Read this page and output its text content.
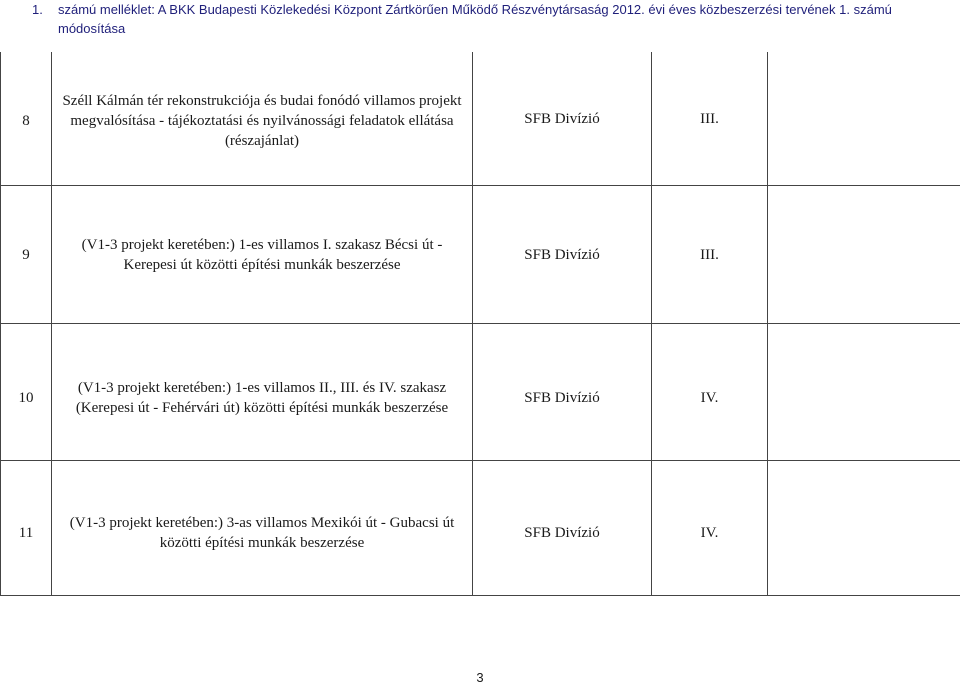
1. számú melléklet: A BKK Budapesti Közlekedési Központ Zártkörűen Működő Részvénytársaság 2012. évi éves közbeszerzési tervének 1. számú módosítása
8	Széll Kálmán tér rekonstrukciója és budai fonódó villamos projekt megvalósítása - tájékoztatási és nyilvánossági feladatok ellátása (részajánlat)	SFB Divízió	III.	
9	(V1-3 projekt keretében:) 1-es villamos I. szakasz Bécsi út - Kerepesi út közötti építési munkák beszerzése	SFB Divízió	III.	
10	(V1-3 projekt keretében:) 1-es villamos II., III. és IV. szakasz (Kerepesi út - Fehérvári út) közötti építési munkák beszerzése	SFB Divízió	IV.	
11	(V1-3 projekt keretében:) 3-as villamos Mexikói út - Gubacsi út közötti építési munkák beszerzése	SFB Divízió	IV.	
3
